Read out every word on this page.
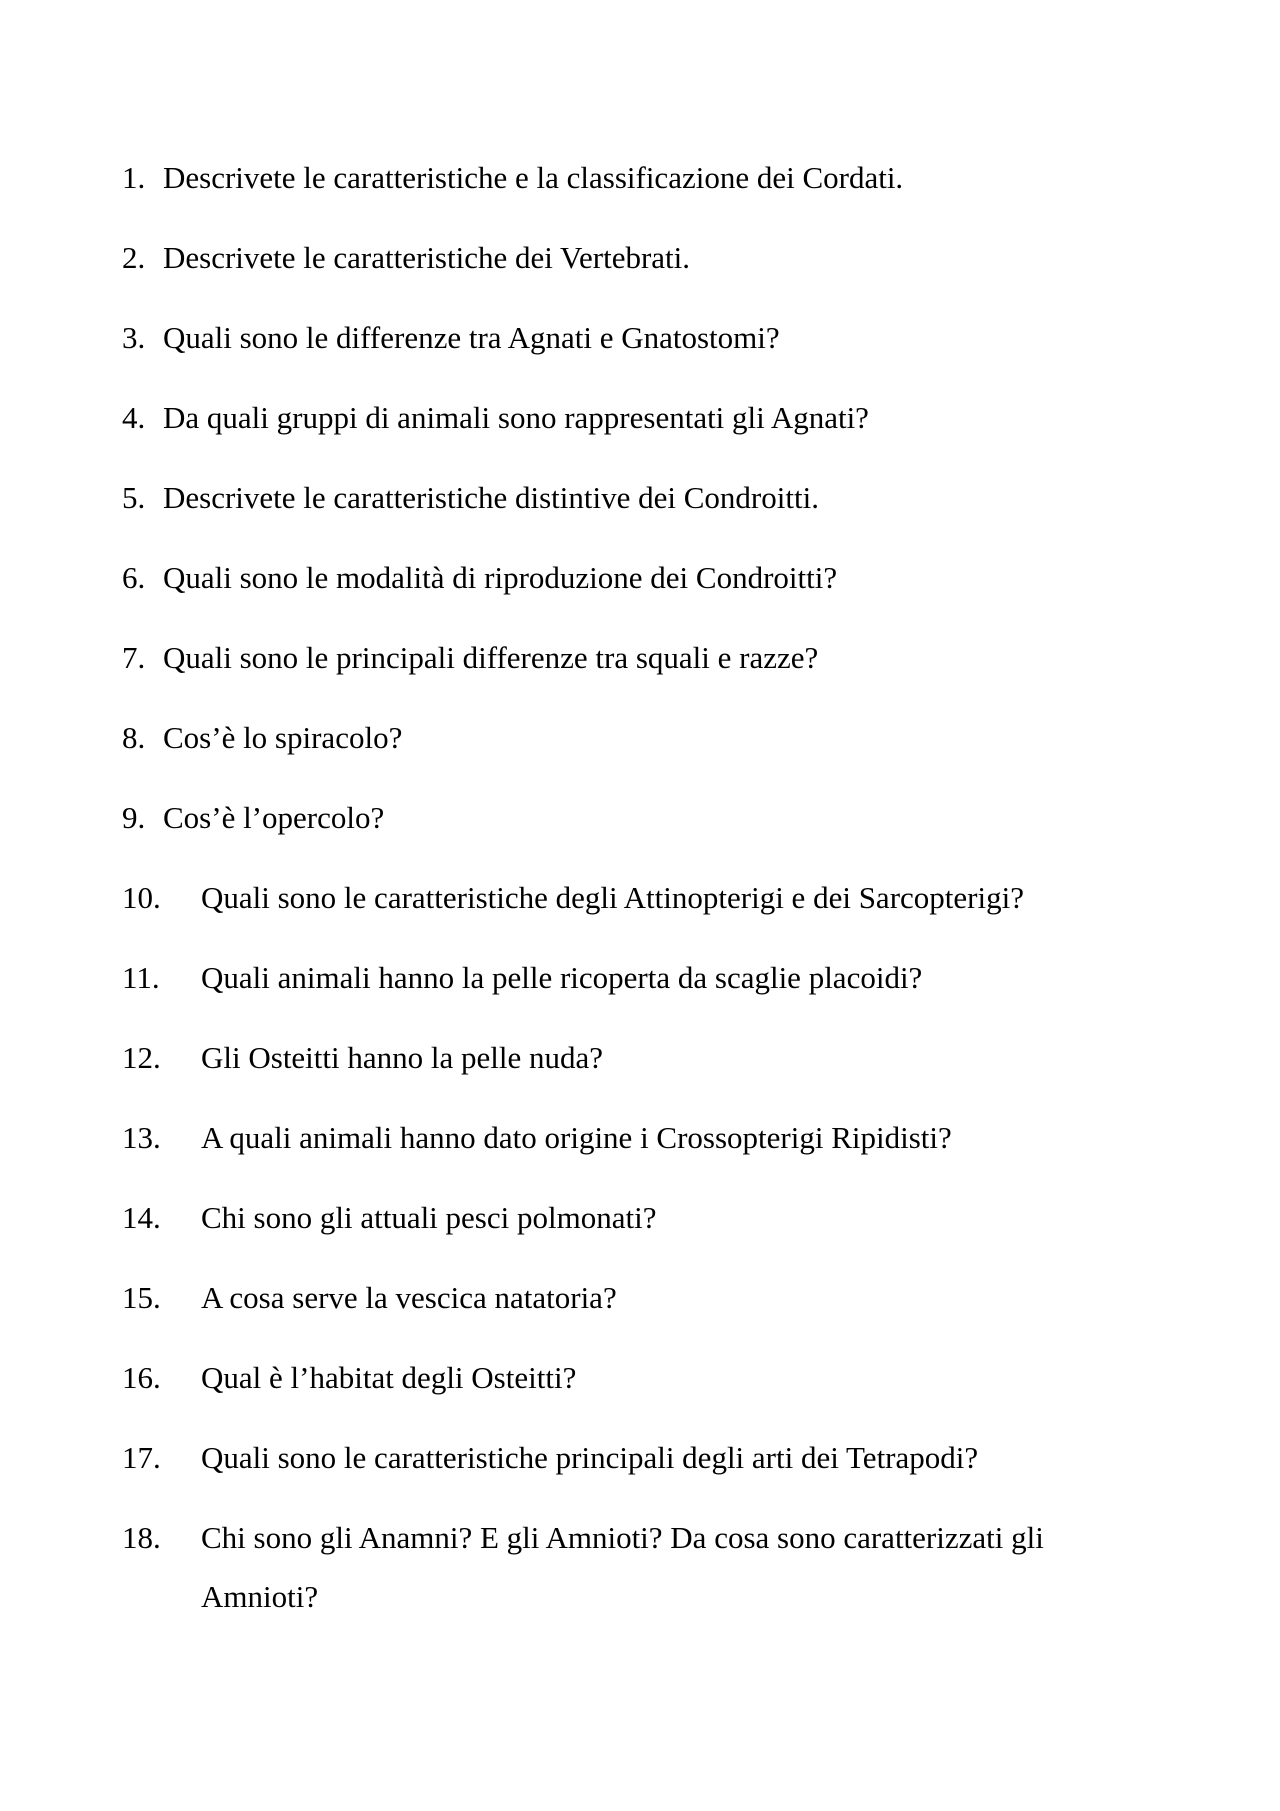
1. Descrivete le caratteristiche e la classificazione dei Cordati.
2. Descrivete le caratteristiche dei Vertebrati.
3. Quali sono le differenze tra Agnati e Gnatostomi?
4. Da quali gruppi di animali sono rappresentati gli Agnati?
5. Descrivete le caratteristiche distintive dei Condroitti.
6. Quali sono le modalità di riproduzione dei Condroitti?
7. Quali sono le principali differenze tra squali e razze?
8. Cos’è lo spiracolo?
9. Cos’è l’opercolo?
10.	Quali sono le caratteristiche degli Attinopterigi e dei Sarcopterigi?
11.	Quali animali hanno la pelle ricoperta da scaglie placoidi?
12.	Gli Osteitti hanno la pelle nuda?
13.	A quali animali hanno dato origine i Crossopterigi Ripidisti?
14.	Chi sono gli attuali pesci polmonati?
15.	A cosa serve la vescica natatoria?
16.	Qual è l’habitat degli Osteitti?
17.	Quali sono le caratteristiche principali degli arti dei Tetrapodi?
18.	Chi sono gli Anamni? E gli Amnioti? Da cosa sono caratterizzati gli Amnioti?
